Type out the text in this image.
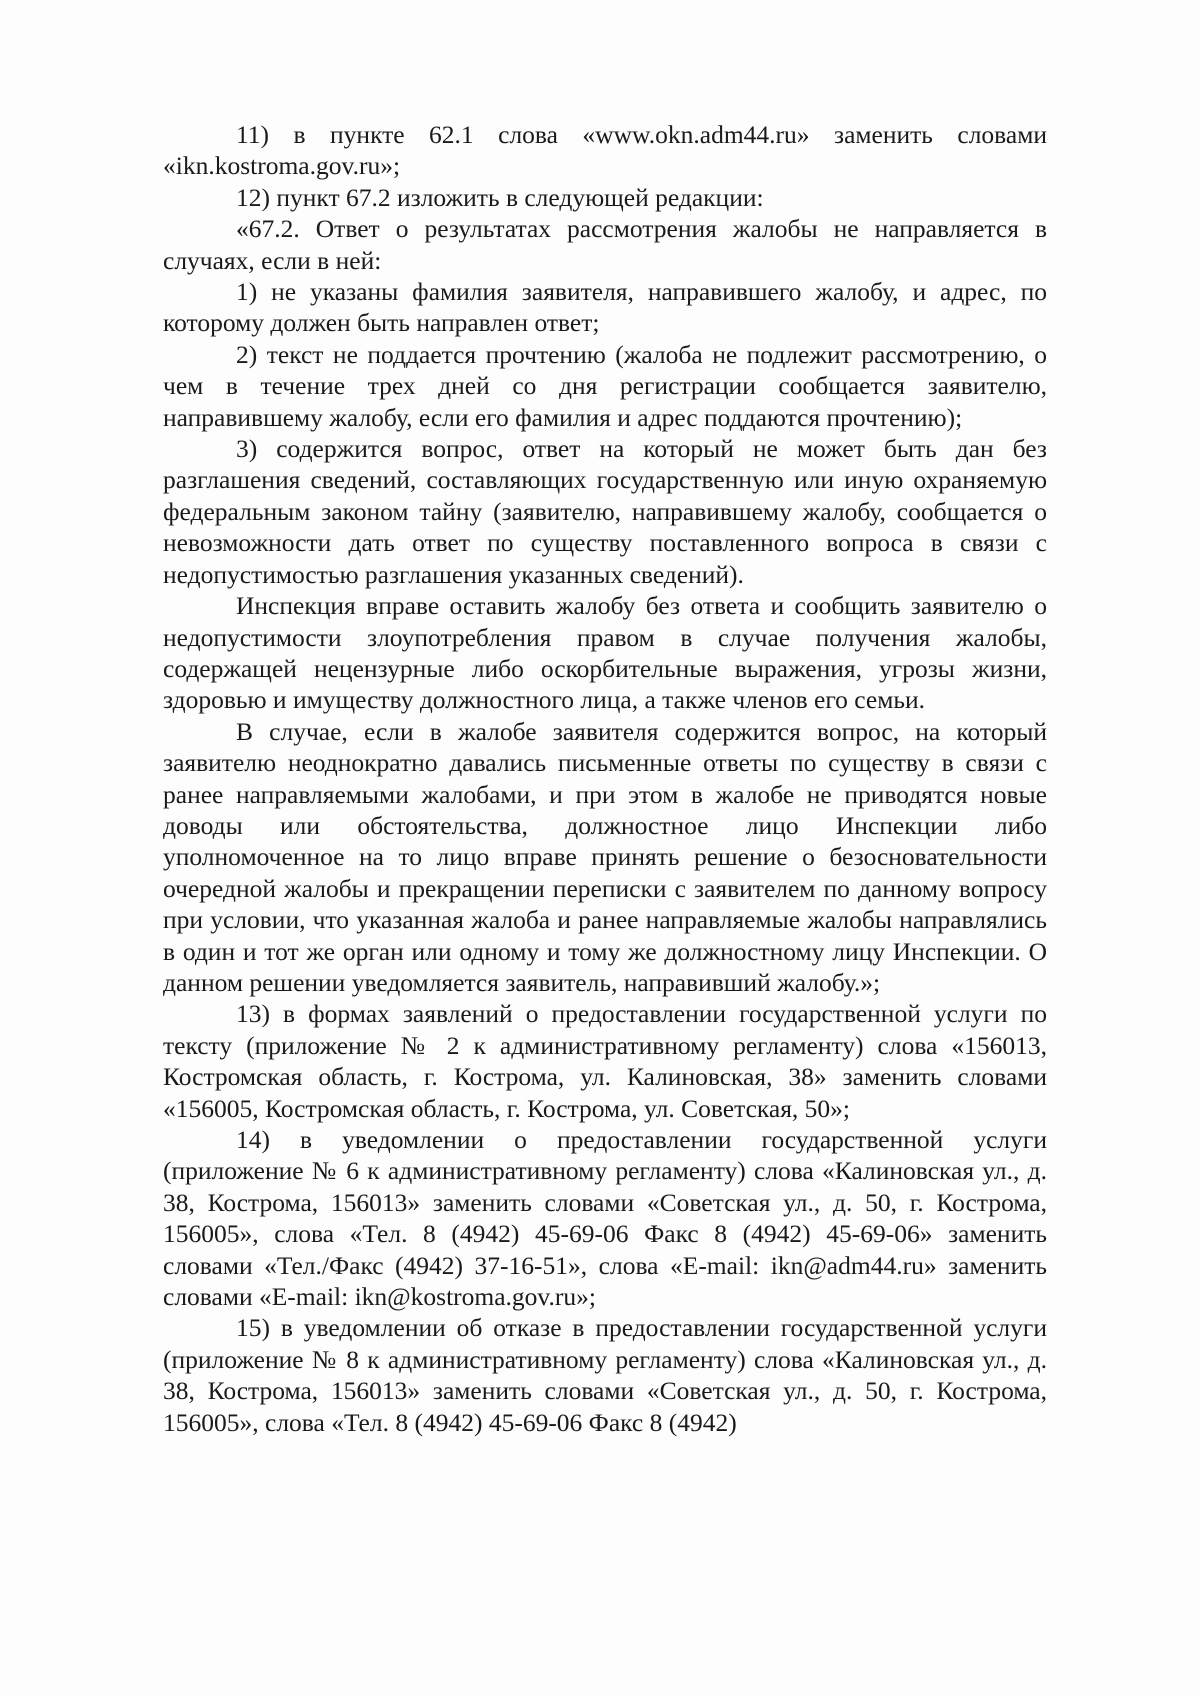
11) в пункте 62.1 слова «www.okn.adm44.ru» заменить словами «ikn.kostroma.gov.ru»;

12) пункт 67.2 изложить в следующей редакции:

«67.2. Ответ о результатах рассмотрения жалобы не направляется в случаях, если в ней:

1) не указаны фамилия заявителя, направившего жалобу, и адрес, по которому должен быть направлен ответ;

2) текст не поддается прочтению (жалоба не подлежит рассмотрению, о чем в течение трех дней со дня регистрации сообщается заявителю, направившему жалобу, если его фамилия и адрес поддаются прочтению);

3) содержится вопрос, ответ на который не может быть дан без разглашения сведений, составляющих государственную или иную охраняемую федеральным законом тайну (заявителю, направившему жалобу, сообщается о невозможности дать ответ по существу поставленного вопроса в связи с недопустимостью разглашения указанных сведений).

Инспекция вправе оставить жалобу без ответа и сообщить заявителю о недопустимости злоупотребления правом в случае получения жалобы, содержащей нецензурные либо оскорбительные выражения, угрозы жизни, здоровью и имуществу должностного лица, а также членов его семьи.

В случае, если в жалобе заявителя содержится вопрос, на который заявителю неоднократно давались письменные ответы по существу в связи с ранее направляемыми жалобами, и при этом в жалобе не приводятся новые доводы или обстоятельства, должностное лицо Инспекции либо уполномоченное на то лицо вправе принять решение о безосновательности очередной жалобы и прекращении переписки с заявителем по данному вопросу при условии, что указанная жалоба и ранее направляемые жалобы направлялись в один и тот же орган или одному и тому же должностному лицу Инспекции. О данном решении уведомляется заявитель, направивший жалобу.»;

13) в формах заявлений о предоставлении государственной услуги по тексту (приложение № 2 к административному регламенту) слова «156013, Костромская область, г. Кострома, ул. Калиновская, 38» заменить словами «156005, Костромская область, г. Кострома, ул. Советская, 50»;

14) в уведомлении о предоставлении государственной услуги (приложение № 6 к административному регламенту) слова «Калиновская ул., д. 38, Кострома, 156013» заменить словами «Советская ул., д. 50, г. Кострома, 156005», слова «Тел. 8 (4942) 45-69-06 Факс 8 (4942) 45-69-06» заменить словами «Тел./Факс (4942) 37-16-51», слова «E-mail: ikn@adm44.ru» заменить словами «E-mail: ikn@kostroma.gov.ru»;

15) в уведомлении об отказе в предоставлении государственной услуги (приложение № 8 к административному регламенту) слова «Калиновская ул., д. 38, Кострома, 156013» заменить словами «Советская ул., д. 50, г. Кострома, 156005», слова «Тел. 8 (4942) 45-69-06 Факс 8 (4942)
